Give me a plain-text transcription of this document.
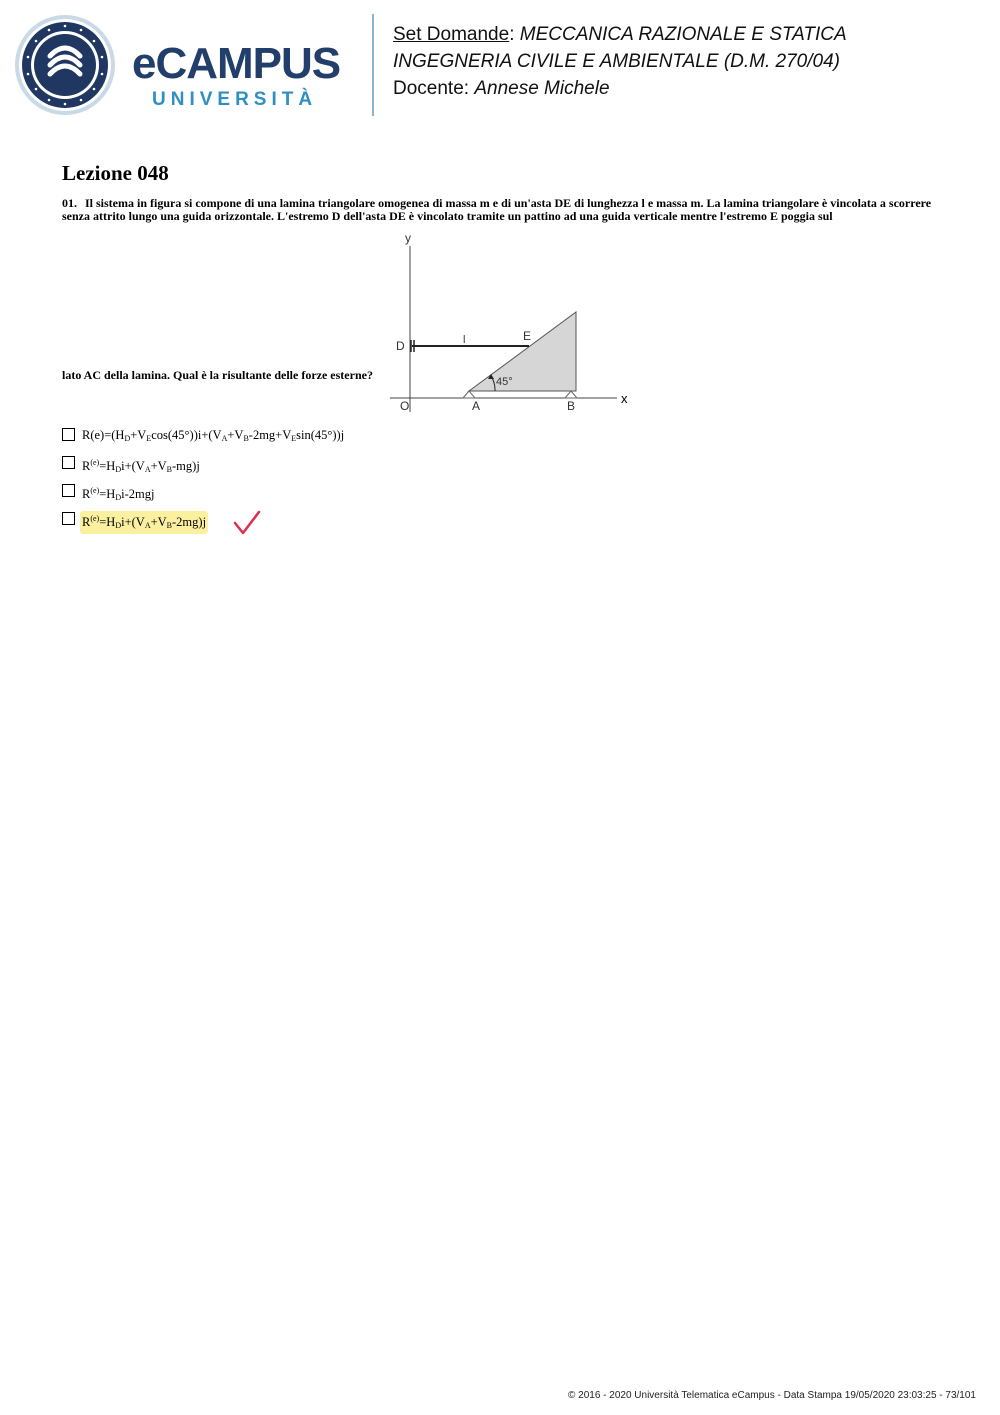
eCAMPUS
UNIVERSITÀ
Set Domande: MECCANICA RAZIONALE E STATICA
INGEGNERIA CIVILE E AMBIENTALE (D.M. 270/04)
Docente: Annese Michele
Lezione 048
01. Il sistema in figura si compone di una lamina triangolare omogenea di massa m e di un'asta DE di lunghezza l e massa m. La lamina triangolare è vincolata a scorrere senza attrito lungo una guida orizzontale. L'estremo D dell'asta DE è vincolato tramite un pattino ad una guida verticale mentre l'estremo E poggia sul
lato AC della lamina. Qual è la risultante delle forze esterne?
y
x
O	A	B
D
E
l
45°
$R(e)=(H_D+V_E\cos(45^\circ))i+(V_A+V_B-2mg+V_E\sin(45^\circ))j$
$R^{(e)}=H_Di+(V_A+V_B-mg)j$
$R^{(e)}=H_Di-2mgj$
$R^{(e)}=H_Di+(V_A+V_B-2mg)j$
© 2016 - 2020 Università Telematica eCampus - Data Stampa 19/05/2020 23:03:25 - 73/101
